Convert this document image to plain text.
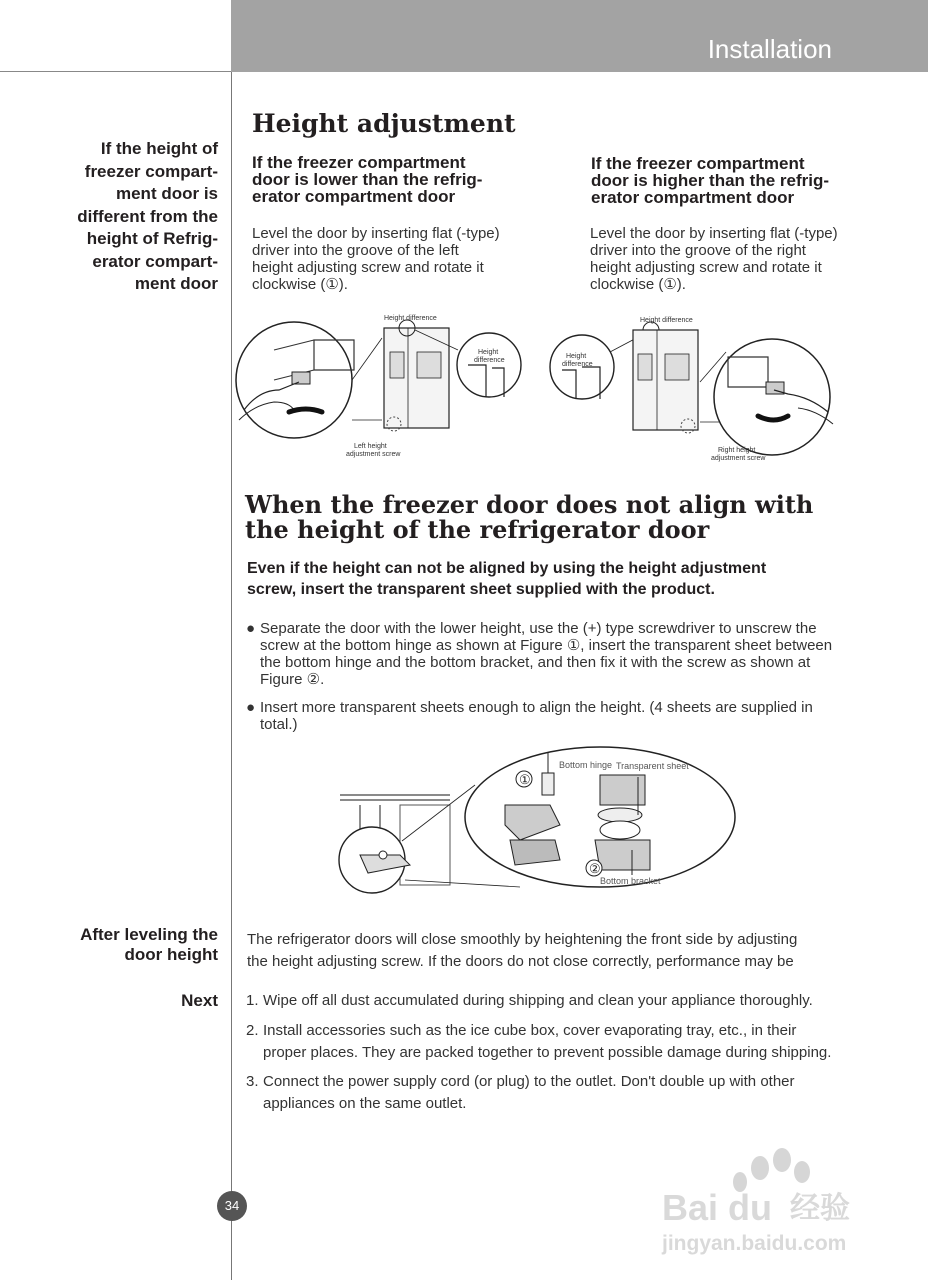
Installation
If the height of
freezer compart-
ment door is
different from the
height of Refrig-
erator compart-
ment door
After leveling the
door height
Next
Height adjustment
If the freezer compartment
door is lower than the refrig-
erator compartment door
If the freezer compartment
door is higher than the refrig-
erator compartment door
Level the door by inserting flat (-type)
driver into the groove of the left
height adjusting screw and rotate it
clockwise (①).
Level the door by inserting flat (-type)
driver into the groove of the right
height adjusting screw and rotate it
clockwise (①).
Height difference
Height
difference
Left height
adjustment screw
Height difference
Height
difference
Right height
adjustment screw
When the freezer door does not align with
the height of the refrigerator door
Even if the height can not be aligned by using the height adjustment
screw, insert the transparent sheet supplied with the product.
● Separate the door with the lower height, use the (+) type screwdriver to unscrew the
screw at the bottom hinge as shown at Figure ①, insert the transparent sheet between
the bottom hinge and the bottom bracket, and then fix it with the screw as shown at
Figure ②.
● Insert more transparent sheets enough to align the height. (4 sheets are supplied in total.)
①
②
Bottom hinge Transparent sheet
Bottom bracket
The refrigerator doors will close smoothly by heightening the front side by adjusting
the height adjusting screw. If the doors do not close correctly, performance may be
1. Wipe off all dust accumulated during shipping and clean your appliance thoroughly.
2. Install accessories such as the ice cube box, cover evaporating tray, etc., in their
proper places. They are packed together to prevent possible damage during shipping.
3. Connect the power supply cord (or plug) to the outlet. Don't double up with other
appliances on the same outlet.
34	Bai du 经验
jingyan.baidu.com
